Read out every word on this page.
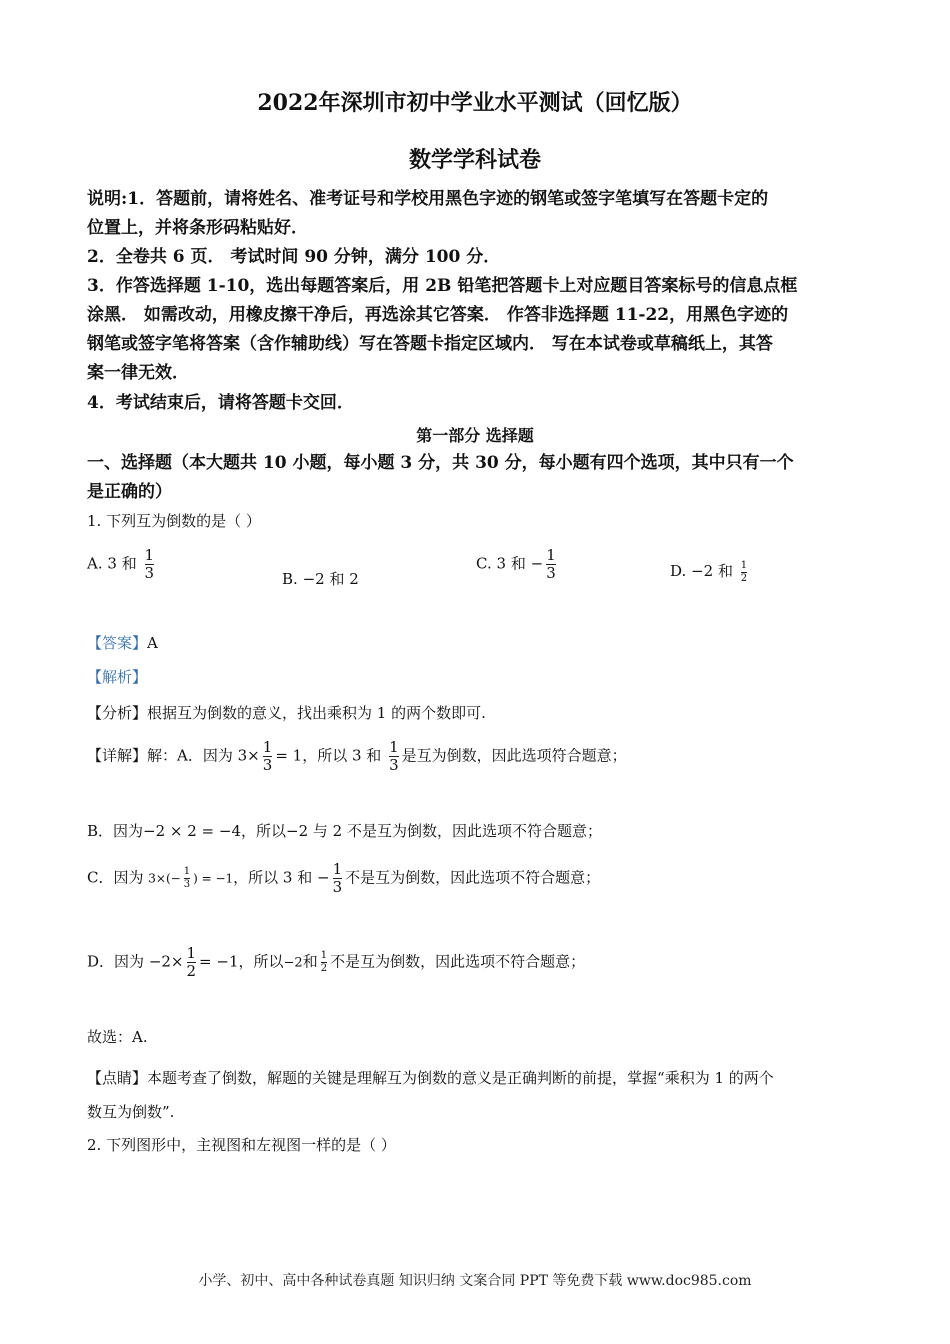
2022年深圳市初中学业水平测试（回忆版）
数学学科试卷
说明:1．答题前，请将姓名、准考证号和学校用黑色字迹的钢笔或签字笔填写在答题卡定的
位置上，并将条形码粘贴好．
2．全卷共 6 页． 考试时间 90 分钟，满分 100 分．
3．作答选择题 1-10，选出每题答案后，用 2B 铅笔把答题卡上对应题目答案标号的信息点框
涂黑． 如需改动，用橡皮擦干净后，再选涂其它答案． 作答非选择题 11-22，用黑色字迹的
钢笔或签字笔将答案（含作辅助线）写在答题卡指定区域内． 写在本试卷或草稿纸上，其答
案一律无效．
4．考试结束后，请将答题卡交回．
第一部分 选择题
一、选择题（本大题共 10 小题，每小题 3 分，共 30 分，每小题有四个选项，其中只有一个
是正确的）
1. 下列互为倒数的是（ ）
A. 3 和 $\frac{1}{3}$	B. −2 和 2
C. 3 和 − $\frac{1}{3}$	D. −2 和 $\frac{1}{2}$
【答案】A
【解析】
【分析】根据互为倒数的意义，找出乘积为 1 的两个数即可.
【详解】解：A．因为 $3\times \frac{1}{3} = 1$，所以 3 和 $\frac{1}{3}$ 是互为倒数，因此选项符合题意；
B．因为−2 × 2 = −4，所以−2 与 2 不是互为倒数，因此选项不符合题意；
C．因为 $3\times(- \frac{1}{3}$ ) = −1，所以 3 和 − $\frac{1}{3}$ 不是互为倒数，因此选项不符合题意；
D．因为 $-2\times \frac{1}{2} = -1$，所以−2和 $\frac{1}{2}$ 不是互为倒数，因此选项不符合题意；
故选：A.
【点睛】本题考查了倒数，解题的关键是理解互为倒数的意义是正确判断的前提，掌握“乘积为 1 的两个
数互为倒数”.
2. 下列图形中，主视图和左视图一样的是（ ）
小学、初中、高中各种试卷真题 知识归纳 文案合同 PPT 等免费下载 www.doc985.com
